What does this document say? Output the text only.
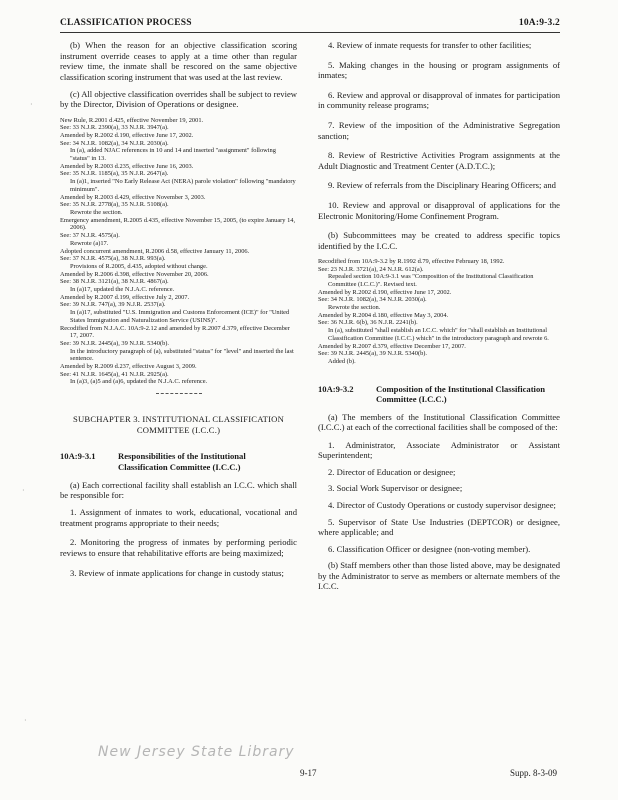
CLASSIFICATION PROCESS	10A:9-3.2

(b) When the reason for an objective classification scoring instrument override ceases to apply at a time other than regular review time, the inmate shall be rescored on the same objective classification scoring instrument that was used at the last review.

(c) All objective classification overrides shall be subject to review by the Director, Division of Operations or designee.

New Rule, R.2001 d.425, effective November 19, 2001.
See: 33 N.J.R. 2390(a), 33 N.J.R. 3947(a).
Amended by R.2002 d.190, effective June 17, 2002.
See: 34 N.J.R. 1082(a), 34 N.J.R. 2030(a).
In (a), added NJAC references in 10 and 14 and inserted "assignment" following "status" in 13.
Amended by R.2003 d.235, effective June 16, 2003.
See: 35 N.J.R. 1185(a), 35 N.J.R. 2647(a).
In (a)1, inserted "No Early Release Act (NERA) parole violation" following "mandatory minimum".
Amended by R.2003 d.429, effective November 3, 2003.
See: 35 N.J.R. 2778(a), 35 N.J.R. 5108(a).
Rewrote the section.
Emergency amendment, R.2005 d.435, effective November 15, 2005, (to expire January 14, 2006).
See: 37 N.J.R. 4575(a).
Rewrote (a)17.
Adopted concurrent amendment, R.2006 d.58, effective January 11, 2006.
See: 37 N.J.R. 4575(a), 38 N.J.R. 993(a).
Provisions of R.2005, d.435, adopted without change.
Amended by R.2006 d.398, effective November 20, 2006.
See: 38 N.J.R. 3121(a), 38 N.J.R. 4867(a).
In (a)17, updated the N.J.A.C. reference.
Amended by R.2007 d.199, effective July 2, 2007.
See: 39 N.J.R. 747(a), 39 N.J.R. 2537(a).
In (a)17, substituted "U.S. Immigration and Customs Enforcement (ICE)" for "United States Immigration and Naturalization Service (USINS)".
Recodified from N.J.A.C. 10A:9-2.12 and amended by R.2007 d.379, effective December 17, 2007.
See: 39 N.J.R. 2445(a), 39 N.J.R. 5340(b).
In the introductory paragraph of (a), substituted "status" for "level" and inserted the last sentence.
Amended by R.2009 d.237, effective August 3, 2009.
See: 41 N.J.R. 1645(a), 41 N.J.R. 2925(a).
In (a)3, (a)5 and (a)6, updated the N.J.A.C. reference.
SUBCHAPTER 3. INSTITUTIONAL CLASSIFICATION COMMITTEE (I.C.C.)
10A:9-3.1	Responsibilities of the Institutional Classification Committee (I.C.C.)

(a) Each correctional facility shall establish an I.C.C. which shall be responsible for:

1. Assignment of inmates to work, educational, vocational and treatment programs appropriate to their needs;

2. Monitoring the progress of inmates by performing periodic reviews to ensure that rehabilitative efforts are being maximized;

3. Review of inmate applications for change in custody status;

4. Review of inmate requests for transfer to other facilities;

5. Making changes in the housing or program assignments of inmates;

6. Review and approval or disapproval of inmates for participation in community release programs;

7. Review of the imposition of the Administrative Segregation sanction;

8. Review of Restrictive Activities Program assignments at the Adult Diagnostic and Treatment Center (A.D.T.C.);

9. Review of referrals from the Disciplinary Hearing Officers; and

10. Review and approval or disapproval of applications for the Electronic Monitoring/Home Confinement Program.

(b) Subcommittees may be created to address specific topics identified by the I.C.C.

Recodified from 10A:9-3.2 by R.1992 d.79, effective February 18, 1992.
See: 23 N.J.R. 3721(a), 24 N.J.R. 612(a).
Repealed section 10A:9-3.1 was "Composition of the Institutional Classification Committee (I.C.C.)". Revised text.
Amended by R.2002 d.190, effective June 17, 2002.
See: 34 N.J.R. 1082(a), 34 N.J.R. 2030(a).
Rewrote the section.
Amended by R.2004 d.180, effective May 3, 2004.
See: 36 N.J.R. 6(b), 36 N.J.R. 2241(b).
In (a), substituted "shall establish an I.C.C. which" for "shall establish an Institutional Classification Committee (I.C.C.) which" in the introductory paragraph and rewrote 6.
Amended by R.2007 d.379, effective December 17, 2007.
See: 39 N.J.R. 2445(a), 39 N.J.R. 5340(b).
Added (b).
10A:9-3.2	Composition of the Institutional Classification Committee (I.C.C.)

(a) The members of the Institutional Classification Committee (I.C.C.) at each of the correctional facilities shall be composed of the:

1. Administrator, Associate Administrator or Assistant Superintendent;

2. Director of Education or designee;

3. Social Work Supervisor or designee;

4. Director of Custody Operations or custody supervisor designee;

5. Supervisor of State Use Industries (DEPTCOR) or designee, where applicable; and

6. Classification Officer or designee (non-voting member).

(b) Staff members other than those listed above, may be designated by the Administrator to serve as members or alternate members of the I.C.C.

·
·
·
New Jersey State Library
9-17	Supp. 8-3-09
